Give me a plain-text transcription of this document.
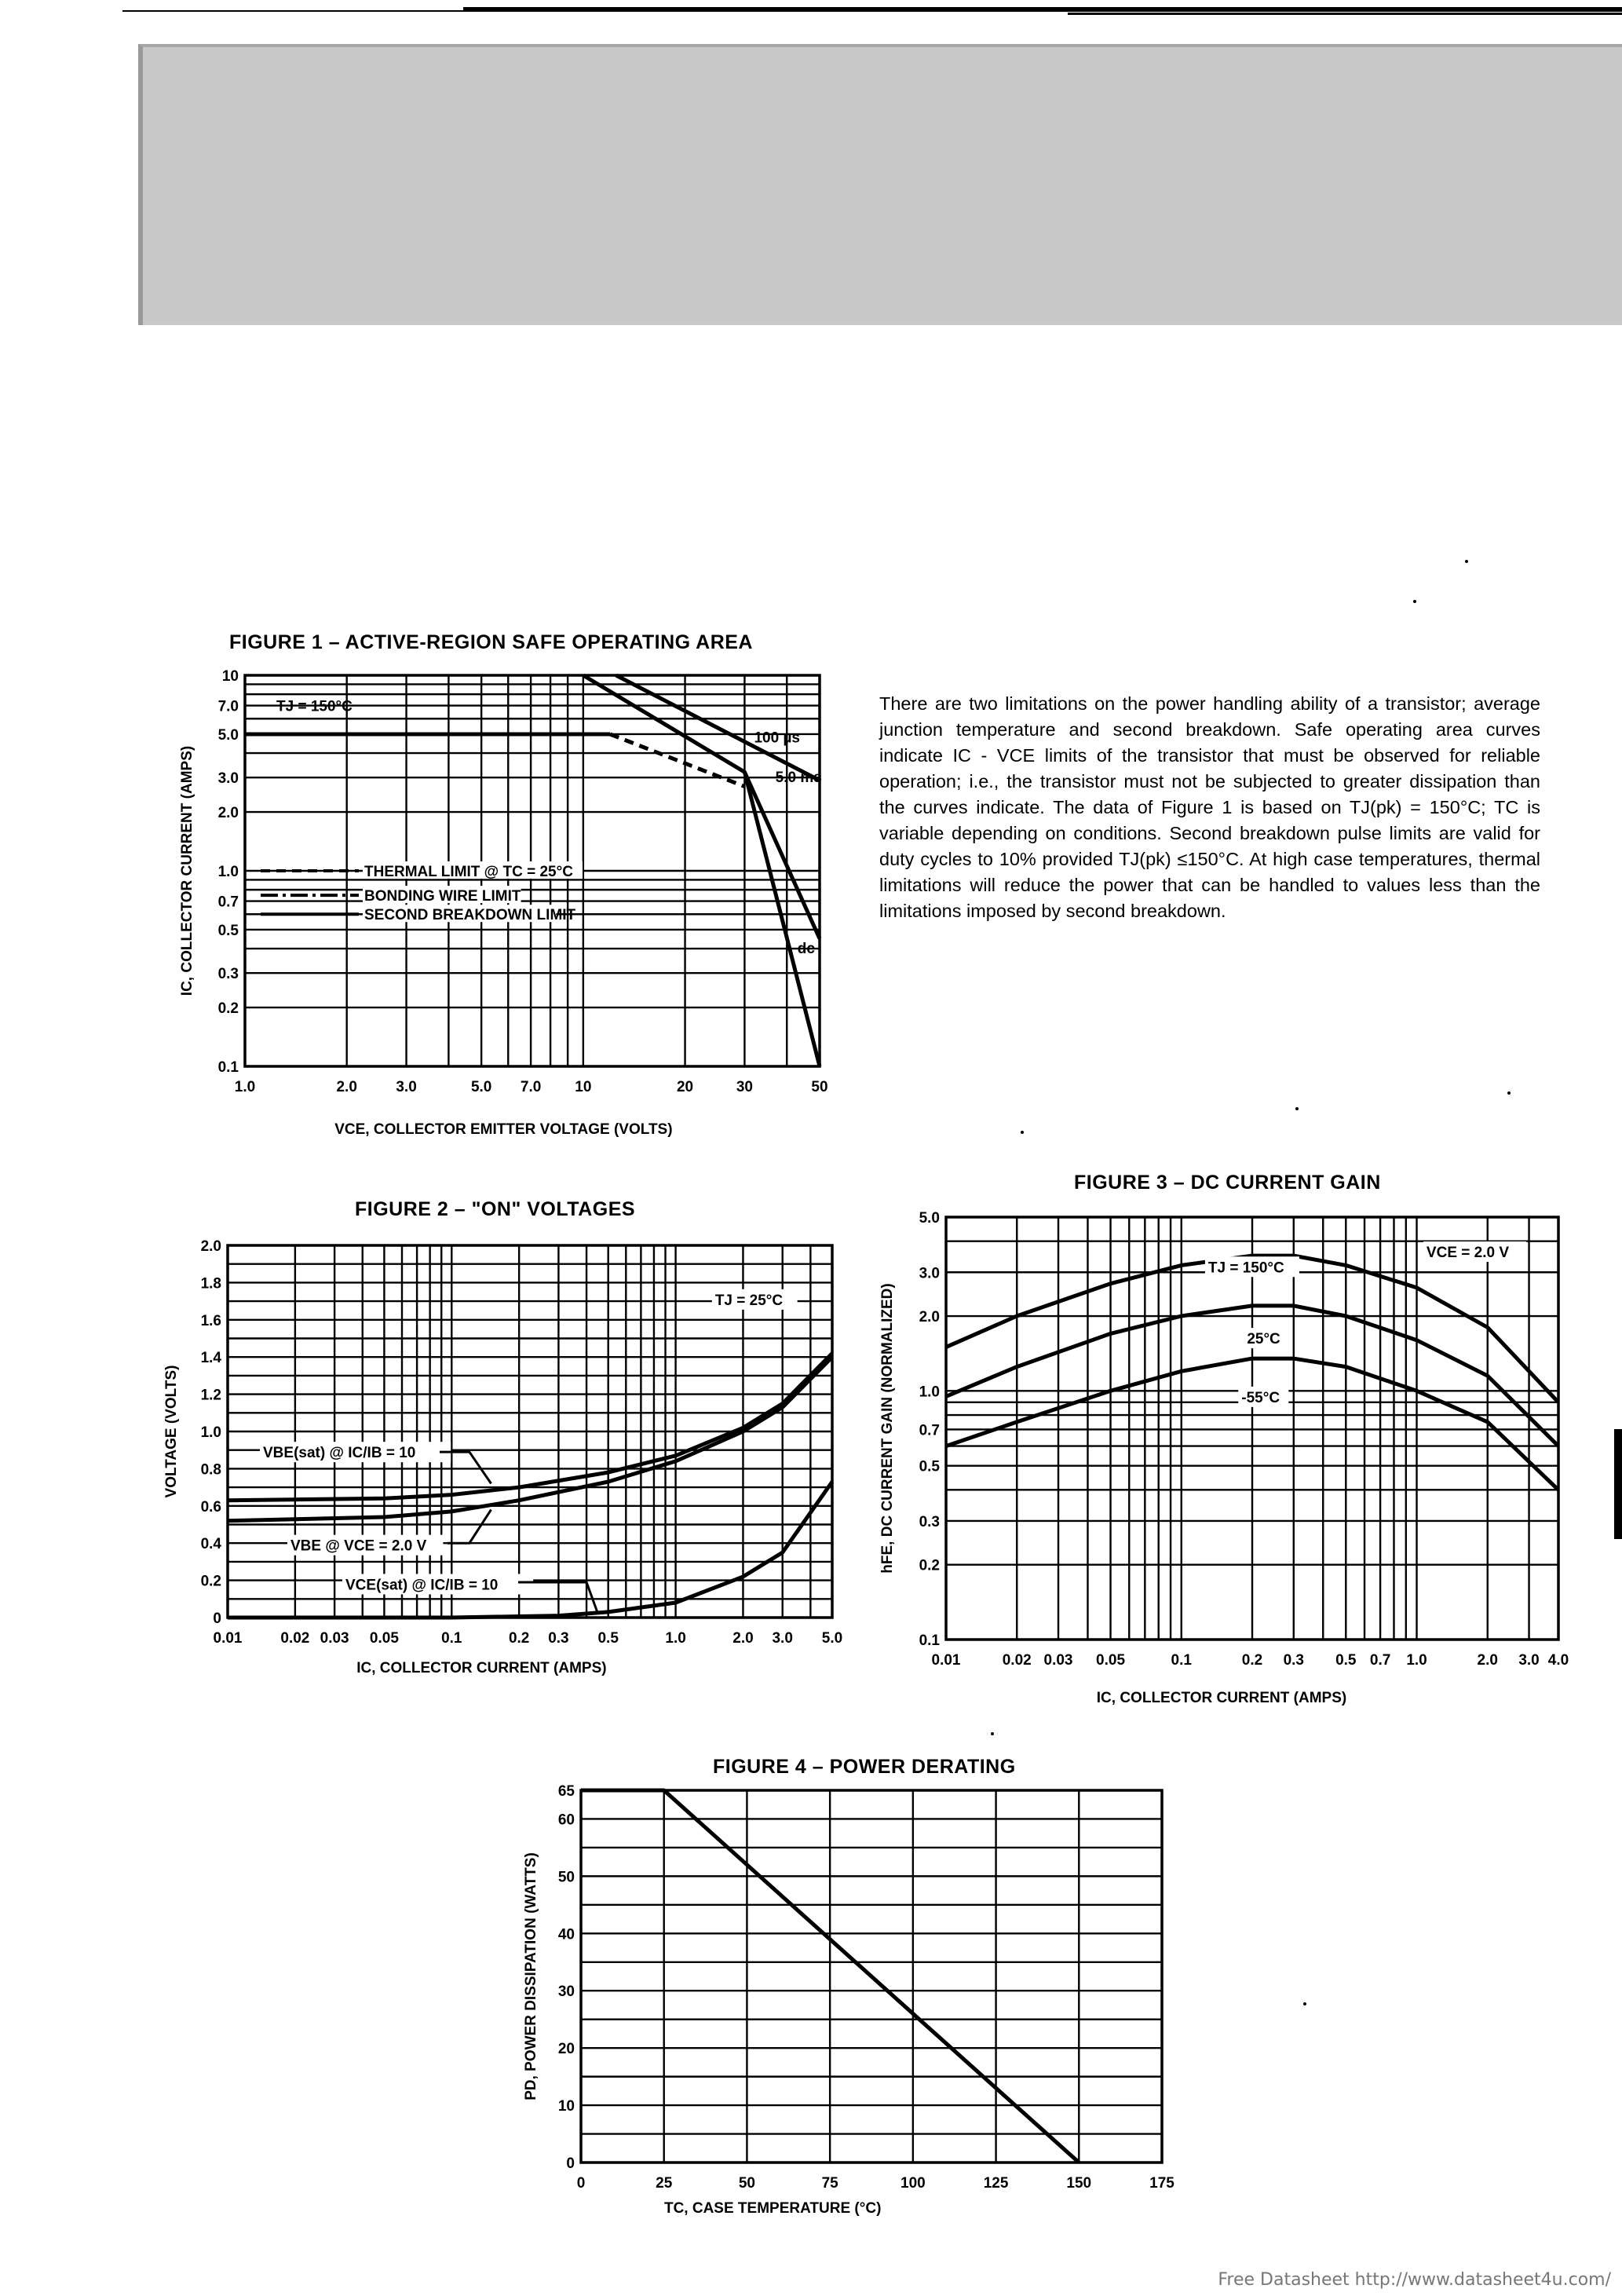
FIGURE 1 – ACTIVE-REGION SAFE OPERATING AREA
FIGURE 2 – "ON" VOLTAGES
FIGURE 3 – DC CURRENT GAIN
FIGURE 4 – POWER DERATING
There are two limitations on the power handling ability of a transistor; average junction temperature and second breakdown. Safe operating area curves indicate IC - VCE limits of the transistor that must be observed for reliable operation; i.e., the transistor must not be subjected to greater dissipation than the curves indicate. The data of Figure 1 is based on TJ(pk) = 150°C; TC is variable depending on conditions. Second breakdown pulse limits are valid for duty cycles to 10% provided TJ(pk) ≤150°C. At high case temperatures, thermal limitations will reduce the power that can be handled to values less than the limitations imposed by second breakdown.
1.0	2.0	3.0	5.0 7.0 10	20	30	50
0.1
0.2
0.3
0.5
0.7
1.0
2.0
3.0
5.0
7.0
10
VCE, COLLECTOR EMITTER VOLTAGE (VOLTS)
IC, COLLECTOR CURRENT (AMPS)
TJ = 150°C
100 µs
5.0 ms
dc
THERMAL LIMIT @ TC = 25°C
BONDING WIRE LIMIT
SECOND BREAKDOWN LIMIT
0.01	0.02 0.03 0.05	0.1	0.2 0.3 0.5	1.0	2.0 3.0 5.0
0
0.2
0.4
0.6
0.8
1.0
1.2
1.4
1.6
1.8
2.0
IC, COLLECTOR CURRENT (AMPS)
VOLTAGE (VOLTS)
TJ = 25°C
VBE(sat) @ IC/IB = 10
VBE @ VCE = 2.0 V
VCE(sat) @ IC/IB = 10
0.01	0.02 0.03 0.05	0.1	0.2 0.3 0.5 0.7 1.0	2.0 3.0 4.0
0.1
0.2
0.3
0.5
0.7
1.0
2.0
3.0
5.0
IC, COLLECTOR CURRENT (AMPS)
hFE, DC CURRENT GAIN (NORMALIZED)
VCE = 2.0 V
TJ = 150°C
25°C
-55°C
0	25	50	75	100	125	150	175
0
10
20
30
40
50
60
65
TC, CASE TEMPERATURE (°C)
PD, POWER DISSIPATION (WATTS)
Free Datasheet http://www.datasheet4u.com/
